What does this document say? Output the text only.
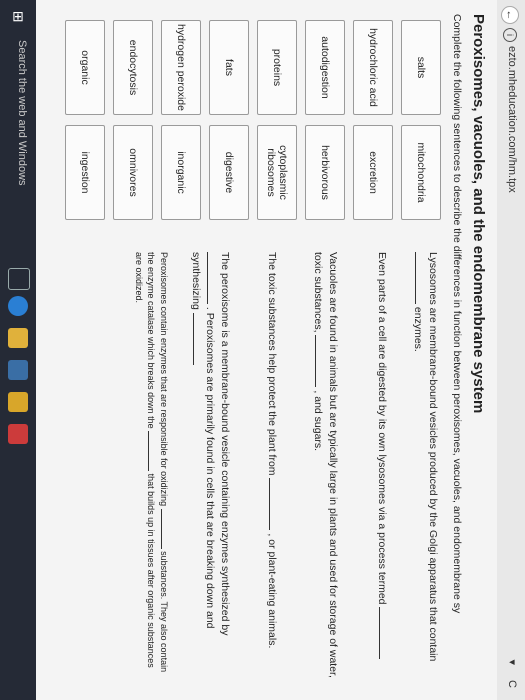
←
i
ezto.mheducation.com/hm.tpx
▾ C
Peroxisomes, vacuoles, and the endomembrane system
Complete the following sentences to describe the differences in function between peroxisomes, vacuoles, and endomembrane sy
salts
mitochondria
hydrochloric acid
excretion
autodigestion
herbivorous
proteins
cytoplasmic ribosomes
fats
digestive
hydrogen peroxide
inorganic
endocytosis
omnivores
organic
ingestion
Lysosomes are membrane-bound vesicles produced by the Golgi apparatus that contain  enzymes.
Even parts of a cell are digested by its own lysosomes via a process termed
Vacuoles are found in animals but are typically large in plants and used for storage of water, toxic substances,  , and sugars.
The toxic substances help protect the plant from  , or plant-eating animals.
The peroxisome is a membrane-bound vesicle containing enzymes synthesized by  . Peroxisomes are primarily found in cells that are breaking down and synthesizing
Peroxisomes contain enzymes that are responsible for oxidizing  substances. They also contain the enzyme catalase which breaks down the  that builds up in tissues after organic substances are oxidized.
⊞
Search the web and Windows
